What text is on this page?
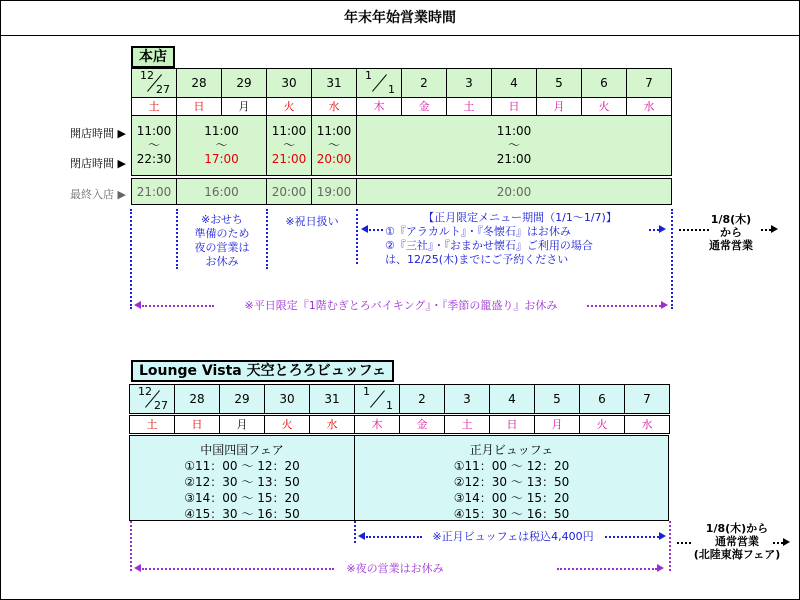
年末年始営業時間
本店
開店時間 ▶
閉店時間 ▶
最終入店 ▶
※おせち
準備のため
夜の営業は
お休み
※祝日扱い	【正月限定メニュー期間（1/1〜1/7)】
①『アラカルト』・『冬懐石』はお休み
②『三社』・『おまかせ懐石』ご利用の場合
は、12/25(木)までにご予約ください
※平日限定『1階むぎとろバイキング』・『季節の籠盛り』お休み
1/8(木)
から
通常営業
Lounge Vista 天空とろろビュッフェ
中国四国フェア
①11：00 〜 12：20
②12：30 〜 13：50
③14：00 〜 15：20
④15：30 〜 16：50
正月ビュッフェ
①11：00 〜 12：20
②12：30 〜 13：50
③14：00 〜 15：20
④15：30 〜 16：50
※正月ビュッフェは税込4,400円
※夜の営業はお休み
1/8(木)から
通常営業
(北陸東海フェア)
12
27
土
28
日
29
月
30
火
31
水
1
1
木
2
金
3
土
4
日
5
月
6
火
7
水
11:00
〜
22:30
21:00
11:00
〜
17:00
16:00
11:00
〜
21:00
20:00
11:00
〜
20:00
19:00
11:00
〜
21:00
20:00
12
27
土
28
日
29
月
30
火
31
水
1
1
木
2
金
3
土
4
日
5
月
6
火
7
水
